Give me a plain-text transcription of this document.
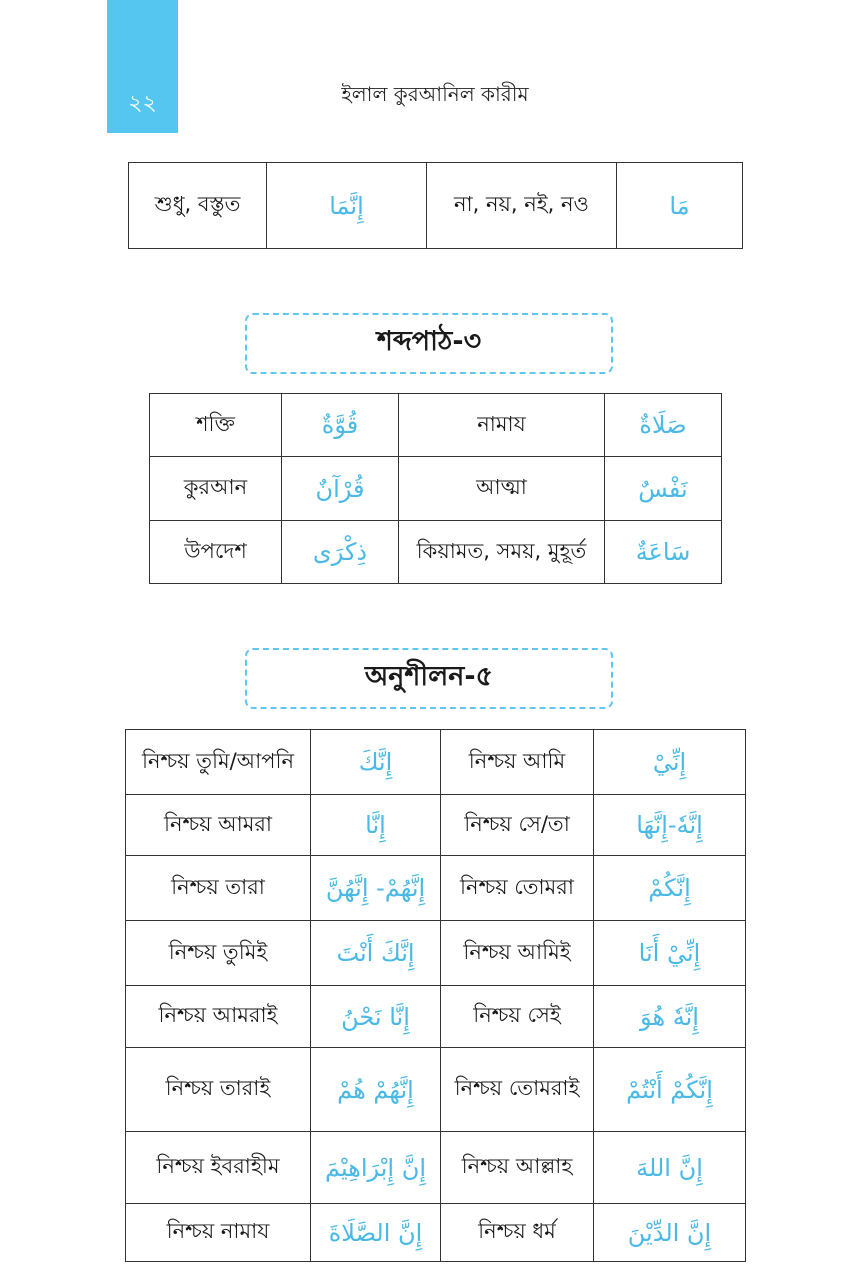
২২	ইলাল কুরআনিল কারীম
শুধু, বস্তুত	إِنَّمَا	না, নয়, নই, নও	مَا
শব্দপাঠ-৩
শক্তি	قُوَّةٌ	নামায	صَلَاةٌ
কুরআন	قُرْآنٌ	আত্মা	نَفْسٌ
উপদেশ	ذِكْرَى	কিয়ামত, সময়, মুহূর্ত	سَاعَةٌ
অনুশীলন-৫
নিশ্চয় তুমি/আপনি	إِنَّكَ	নিশ্চয় আমি	إِنِّيْ
নিশ্চয় আমরা	إِنَّا	নিশ্চয় সে/তা	إِنَّهٗ-إِنَّهَا
নিশ্চয় তারা	إِنَّهُمْ- إِنَّهُنَّ	নিশ্চয় তোমরা	إِنَّكُمْ
নিশ্চয় তুমিই	إِنَّكَ أَنْتَ	নিশ্চয় আমিই	إِنِّيْ أَنَا
নিশ্চয় আমরাই	إِنَّا نَحْنُ	নিশ্চয় সেই	إِنَّهٗ هُوَ
নিশ্চয় তারাই	إِنَّهُمْ هُمْ	নিশ্চয় তোমরাই	إِنَّكُمْ أَنْتُمْ
নিশ্চয় ইবরাহীম	إِنَّ إِبْرَاهِيْمَ	নিশ্চয় আল্লাহ	إِنَّ اللهَ
নিশ্চয় নামায	إِنَّ الصَّلَاةَ	নিশ্চয় ধর্ম	إِنَّ الدِّيْنَ
